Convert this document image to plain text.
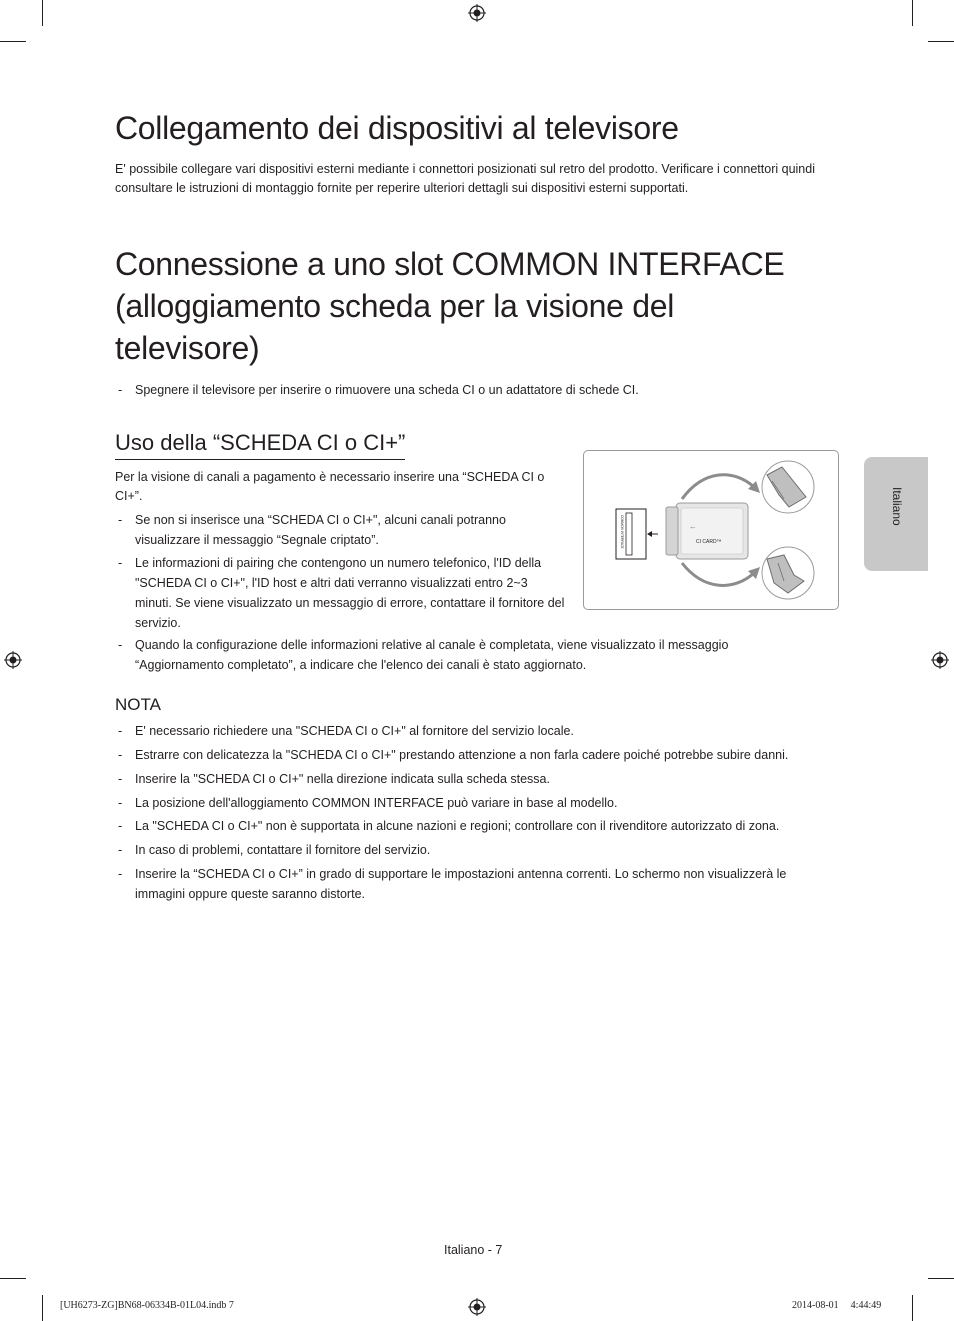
Collegamento dei dispositivi al televisore

E' possibile collegare vari dispositivi esterni mediante i connettori posizionati sul retro del prodotto. Verificare i connettori quindi consultare le istruzioni di montaggio fornite per reperire ulteriori dettagli sui dispositivi esterni supportati.

Connessione a uno slot COMMON INTERFACE
(alloggiamento scheda per la visione del
televisore)
- Spegnere il televisore per inserire o rimuovere una scheda CI o un adattatore di schede CI.
Uso della “SCHEDA CI o CI+”

Per la visione di canali a pagamento è necessario inserire una “SCHEDA CI o CI+”.

- Se non si inserisce una “SCHEDA CI o CI+", alcuni canali potranno visualizzare il messaggio “Segnale criptato”.
- Le informazioni di pairing che contengono un numero telefonico, l'ID della "SCHEDA CI o CI+", l'ID host e altri dati verranno visualizzati entro 2~3 minuti. Se viene visualizzato un messaggio di errore, contattare il fornitore del servizio.
- Quando la configurazione delle informazioni relative al canale è completata, viene visualizzato il messaggio “Aggiornamento completato”, a indicare che l'elenco dei canali è stato aggiornato.
COMMON INTERFACE	CI CARD™
←
NOTA
- E' necessario richiedere una "SCHEDA CI o CI+" al fornitore del servizio locale.
- Estrarre con delicatezza la "SCHEDA CI o CI+" prestando attenzione a non farla cadere poiché potrebbe subire danni.
- Inserire la "SCHEDA CI o CI+" nella direzione indicata sulla scheda stessa.
- La posizione dell'alloggiamento COMMON INTERFACE può variare in base al modello.
- La "SCHEDA CI o CI+" non è supportata in alcune nazioni e regioni; controllare con il rivenditore autorizzato di zona.
- In caso di problemi, contattare il fornitore del servizio.
- Inserire la “SCHEDA CI o CI+” in grado di supportare le impostazioni antenna correnti. Lo schermo non visualizzerà le immagini oppure queste saranno distorte.
Italiano
Italiano - 7
[UH6273-ZG]BN68-06334B-01L04.indb 7	2014-08-01     4:44:49
